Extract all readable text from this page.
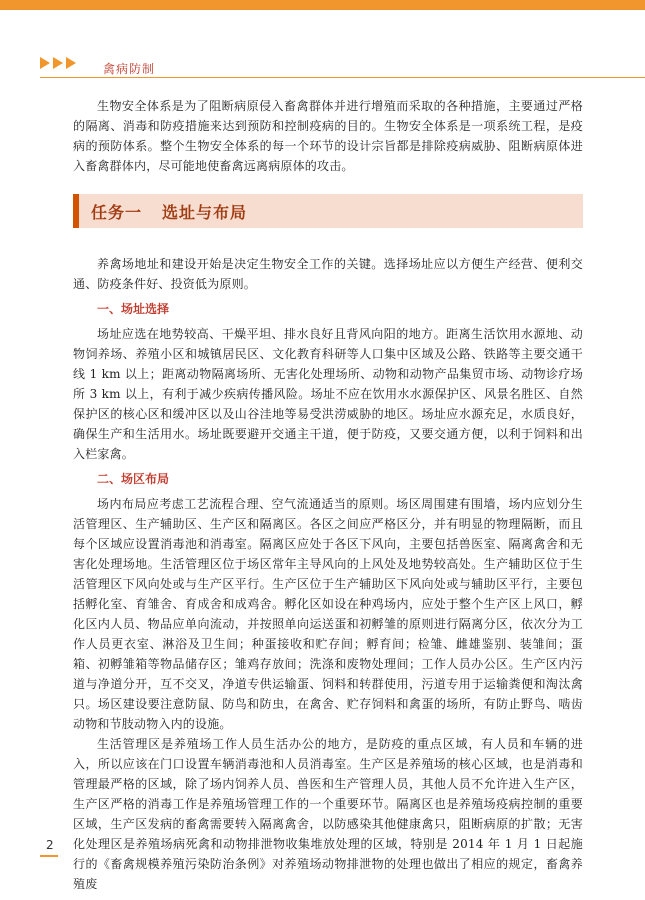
禽病防制

生物安全体系是为了阻断病原侵入畜禽群体并进行增殖而采取的各种措施，主要通过严格的隔离、消毒和防疫措施来达到预防和控制疫病的目的。生物安全体系是一项系统工程，是疫病的预防体系。整个生物安全体系的每一个环节的设计宗旨都是排除疫病威胁、阻断病原体进入畜禽群体内，尽可能地使畜禽远离病原体的攻击。

任务一 选址与布局

养禽场地址和建设开始是决定生物安全工作的关键。选择场址应以方便生产经营、便利交通、防疫条件好、投资低为原则。

一、场址选择

场址应选在地势较高、干燥平坦、排水良好且背风向阳的地方。距离生活饮用水源地、动物饲养场、养殖小区和城镇居民区、文化教育科研等人口集中区域及公路、铁路等主要交通干线 1 km 以上；距离动物隔离场所、无害化处理场所、动物和动物产品集贸市场、动物诊疗场所 3 km 以上，有利于减少疾病传播风险。场址不应在饮用水水源保护区、风景名胜区、自然保护区的核心区和缓冲区以及山谷洼地等易受洪涝威胁的地区。场址应水源充足，水质良好，确保生产和生活用水。场址既要避开交通主干道，便于防疫，又要交通方便，以利于饲料和出入栏家禽。

二、场区布局

场内布局应考虑工艺流程合理、空气流通适当的原则。场区周围建有围墙，场内应划分生活管理区、生产辅助区、生产区和隔离区。各区之间应严格区分，并有明显的物理隔断，而且每个区域应设置消毒池和消毒室。隔离区应处于各区下风向，主要包括兽医室、隔离禽舍和无害化处理场地。生活管理区位于场区常年主导风向的上风处及地势较高处。生产辅助区位于生活管理区下风向处或与生产区平行。生产区位于生产辅助区下风向处或与辅助区平行，主要包括孵化室、育雏舍、育成舍和成鸡舍。孵化区如设在种鸡场内，应处于整个生产区上风口，孵化区内人员、物品应单向流动，并按照单向运送蛋和初孵雏的原则进行隔离分区，依次分为工作人员更衣室、淋浴及卫生间；种蛋接收和贮存间；孵育间；检雏、雌雄鉴别、装雏间；蛋箱、初孵雏箱等物品储存区；雏鸡存放间；洗涤和废物处理间；工作人员办公区。生产区内污道与净道分开，互不交叉，净道专供运输蛋、饲料和转群使用，污道专用于运输粪便和淘汰禽只。场区建设要注意防鼠、防鸟和防虫，在禽舍、贮存饲料和禽蛋的场所，有防止野鸟、啮齿动物和节肢动物入内的设施。

生活管理区是养殖场工作人员生活办公的地方，是防疫的重点区域，有人员和车辆的进入，所以应该在门口设置车辆消毒池和人员消毒室。生产区是养殖场的核心区域，也是消毒和管理最严格的区域，除了场内饲养人员、兽医和生产管理人员，其他人员不允许进入生产区，生产区严格的消毒工作是养殖场管理工作的一个重要环节。隔离区也是养殖场疫病控制的重要区域，生产区发病的畜禽需要转入隔离禽舍，以防感染其他健康禽只，阻断病原的扩散；无害化处理区是养殖场病死禽和动物排泄物收集堆放处理的区域，特别是 2014 年 1 月 1 日起施行的《畜禽规模养殖污染防治条例》对养殖场动物排泄物的处理也做出了相应的规定，畜禽养殖废

2
